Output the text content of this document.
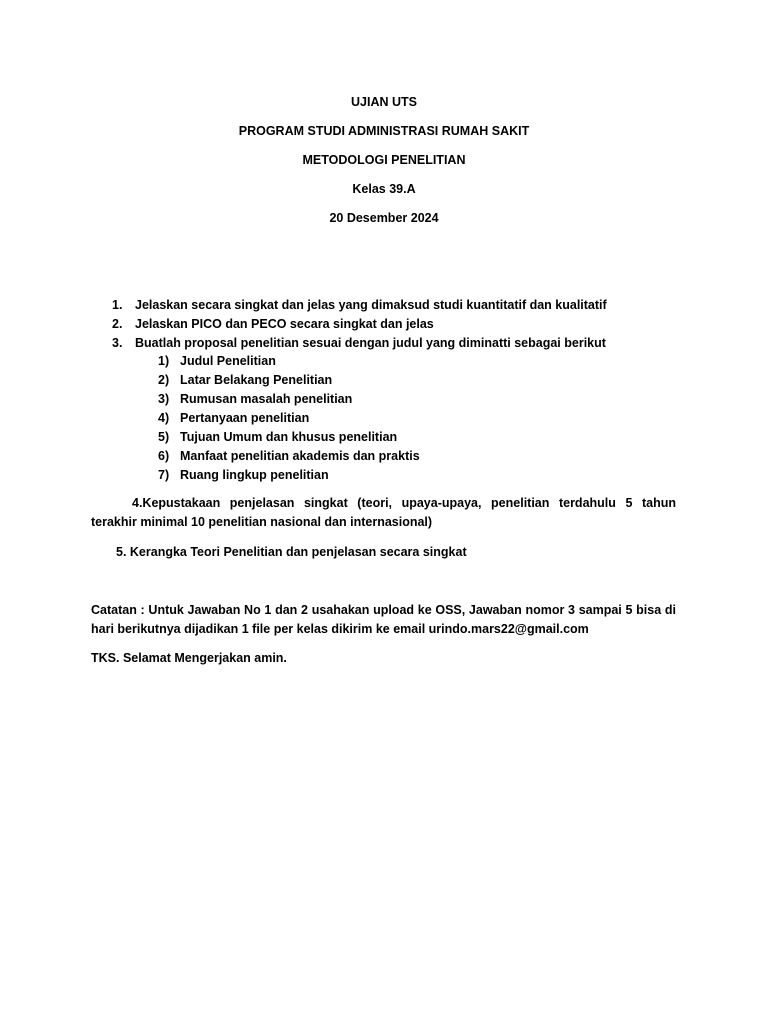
UJIAN UTS
PROGRAM STUDI ADMINISTRASI RUMAH SAKIT
METODOLOGI PENELITIAN
Kelas 39.A
20 Desember 2024
1. Jelaskan secara singkat dan jelas yang dimaksud studi kuantitatif dan kualitatif
2. Jelaskan PICO dan PECO secara singkat dan jelas
3. Buatlah proposal penelitian sesuai dengan judul yang diminatti sebagai berikut
1) Judul Penelitian
2) Latar Belakang Penelitian
3) Rumusan masalah penelitian
4) Pertanyaan penelitian
5) Tujuan Umum dan khusus penelitian
6) Manfaat penelitian akademis dan praktis
7) Ruang lingkup penelitian
4.Kepustakaan penjelasan singkat (teori, upaya-upaya, penelitian terdahulu 5 tahun terakhir minimal 10 penelitian nasional dan internasional)
5. Kerangka Teori Penelitian dan penjelasan secara singkat
Catatan : Untuk Jawaban No 1 dan 2 usahakan upload ke OSS, Jawaban nomor 3 sampai 5 bisa di hari berikutnya dijadikan 1 file per kelas dikirim ke email urindo.mars22@gmail.com
TKS. Selamat Mengerjakan amin.
